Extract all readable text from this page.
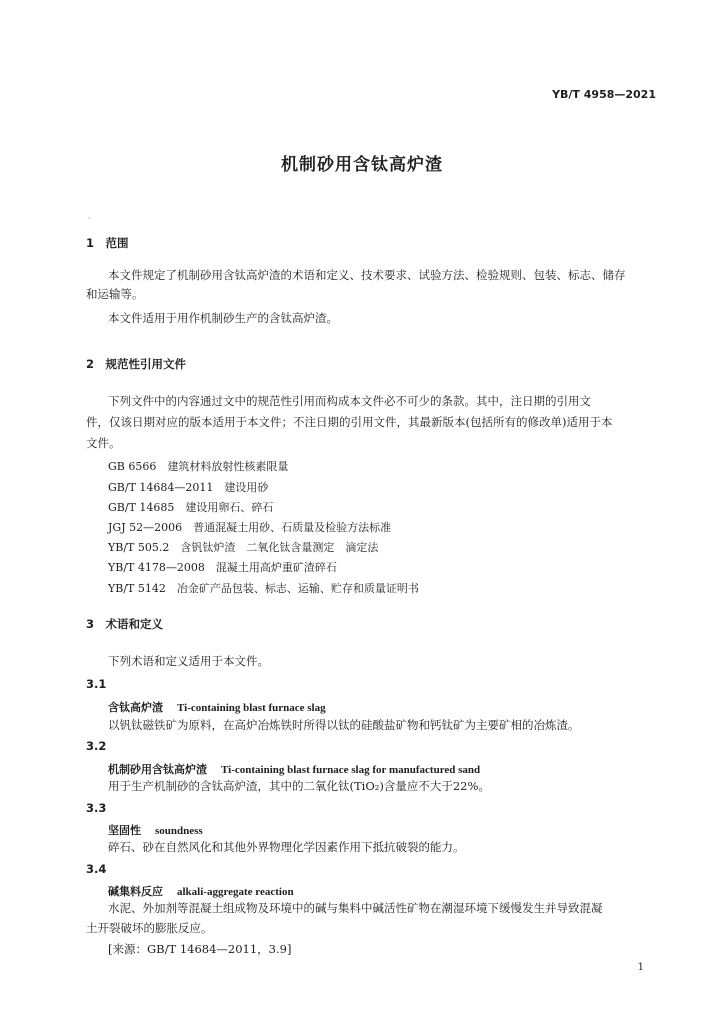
YB/T 4958—2021
机制砂用含钛高炉渣
·
1　范围
本文件规定了机制砂用含钛高炉渣的术语和定义、技术要求、试验方法、检验规则、包装、标志、储存
和运输等。
本文件适用于用作机制砂生产的含钛高炉渣。
2　规范性引用文件
下列文件中的内容通过文中的规范性引用而构成本文件必不可少的条款。其中，注日期的引用文
件，仅该日期对应的版本适用于本文件；不注日期的引用文件，其最新版本(包括所有的修改单)适用于本
文件。
GB 6566　建筑材料放射性核素限量
GB/T 14684—2011　建设用砂
GB/T 14685　建设用卵石、碎石
JGJ 52—2006　普通混凝土用砂、石质量及检验方法标准
YB/T 505.2　含钒钛炉渣　二氧化钛含量测定　滴定法
YB/T 4178—2008　混凝土用高炉重矿渣碎石
YB/T 5142　冶金矿产品包装、标志、运输、贮存和质量证明书
3　术语和定义
下列术语和定义适用于本文件。
3.1
含钛高炉渣 Ti-containing blast furnace slag
以钒钛磁铁矿为原料，在高炉冶炼铁时所得以钛的硅酸盐矿物和钙钛矿为主要矿相的冶炼渣。
3.2
机制砂用含钛高炉渣 Ti-containing blast furnace slag for manufactured sand
用于生产机制砂的含钛高炉渣，其中的二氧化钛(TiO₂)含量应不大于22%。
3.3
坚固性 soundness
碎石、砂在自然风化和其他外界物理化学因素作用下抵抗破裂的能力。
3.4
碱集料反应 alkali-aggregate reaction
水泥、外加剂等混凝土组成物及环境中的碱与集料中碱活性矿物在潮湿环境下缓慢发生并导致混凝
土开裂破坏的膨胀反应。
[来源：GB/T 14684—2011，3.9]
1
